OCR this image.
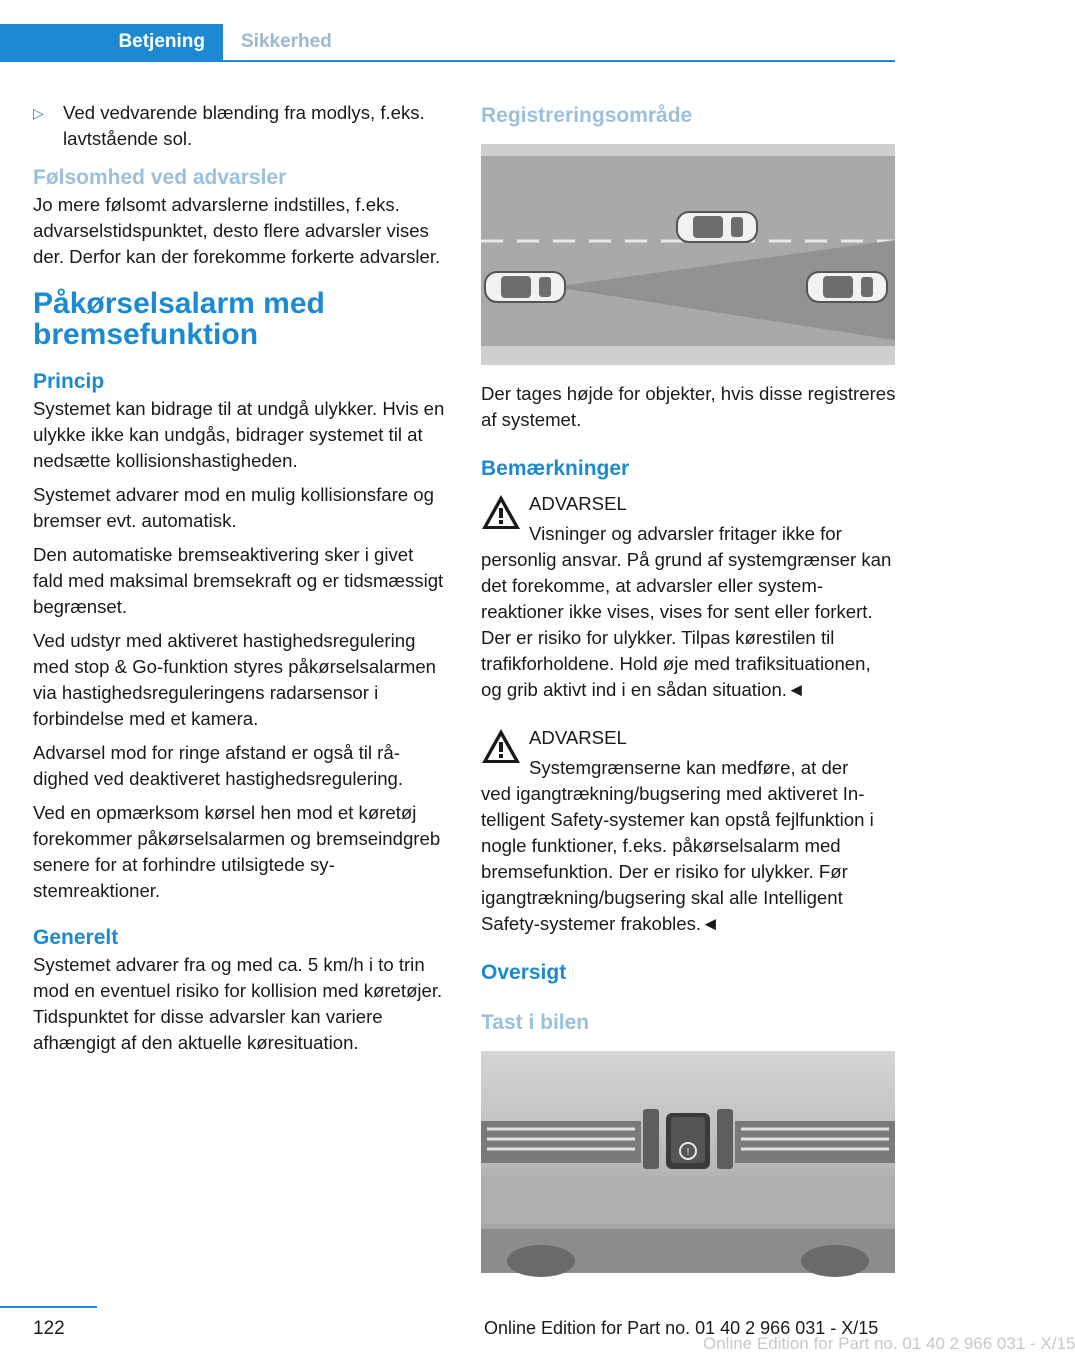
Betjening	Sikkerhed
▷	Ved vedvarende blænding fra modlys, f.eks. lavtstående sol.

Følsomhed ved advarsler

Jo mere følsomt advarslerne indstilles, f.eks. advarselstidspunktet, desto flere advarsler vises der. Derfor kan der forekomme forkerte advarsler.

Påkørselsalarm med bremsefunktion
Princip

Systemet kan bidrage til at undgå ulykker. Hvis en ulykke ikke kan undgås, bidrager systemet til at nedsætte kollisionshastigheden.

Systemet advarer mod en mulig kollisionsfare og bremser evt. automatisk.

Den automatiske bremseaktivering sker i givet fald med maksimal bremsekraft og er tidsmæssigt begrænset.

Ved udstyr med aktiveret hastighedsregulering med stop & Go-funktion styres påkørselsalarmen via hastighedsreguleringens radarsensor i forbindelse med et kamera.

Advarsel mod for ringe afstand er også til rådighed ved deaktiveret hastighedsregulering.

Ved en opmærksom kørsel hen mod et køretøj forekommer påkørselsalarmen og bremseindgreb senere for at forhindre utilsigtede systemreaktioner.

Generelt

Systemet advarer fra og med ca. 5 km/h i to trin mod en eventuel risiko for kollision med køretøjer. Tidspunktet for disse advarsler kan variere afhængigt af den aktuelle køresituation.

Registreringsområde

Der tages højde for objekter, hvis disse registreres af systemet.

Bemærkninger

ADVARSEL

Visninger og advarsler fritager ikke for

personlig ansvar. På grund af systemgrænser kan det forekomme, at advarsler eller systemreaktioner ikke vises, vises for sent eller forkert. Der er risiko for ulykker. Tilpas kørestilen til trafikforholdene. Hold øje med trafiksituationen, og grib aktivt ind i en sådan situation.◄

ADVARSEL

Systemgrænserne kan medføre, at der

ved igangtrækning/bugsering med aktiveret Intelligent Safety-systemer kan opstå fejlfunktion i nogle funktioner, f.eks. påkørselsalarm med bremsefunktion. Der er risiko for ulykker. Før igangtrækning/bugsering skal alle Intelligent Safety-systemer frakobles.◄

Oversigt
Tast i bilen
!
122	Online Edition for Part no. 01 40 2 966 031 - X/15
Online Edition for Part no. 01 40 2 966 031 - X/15
